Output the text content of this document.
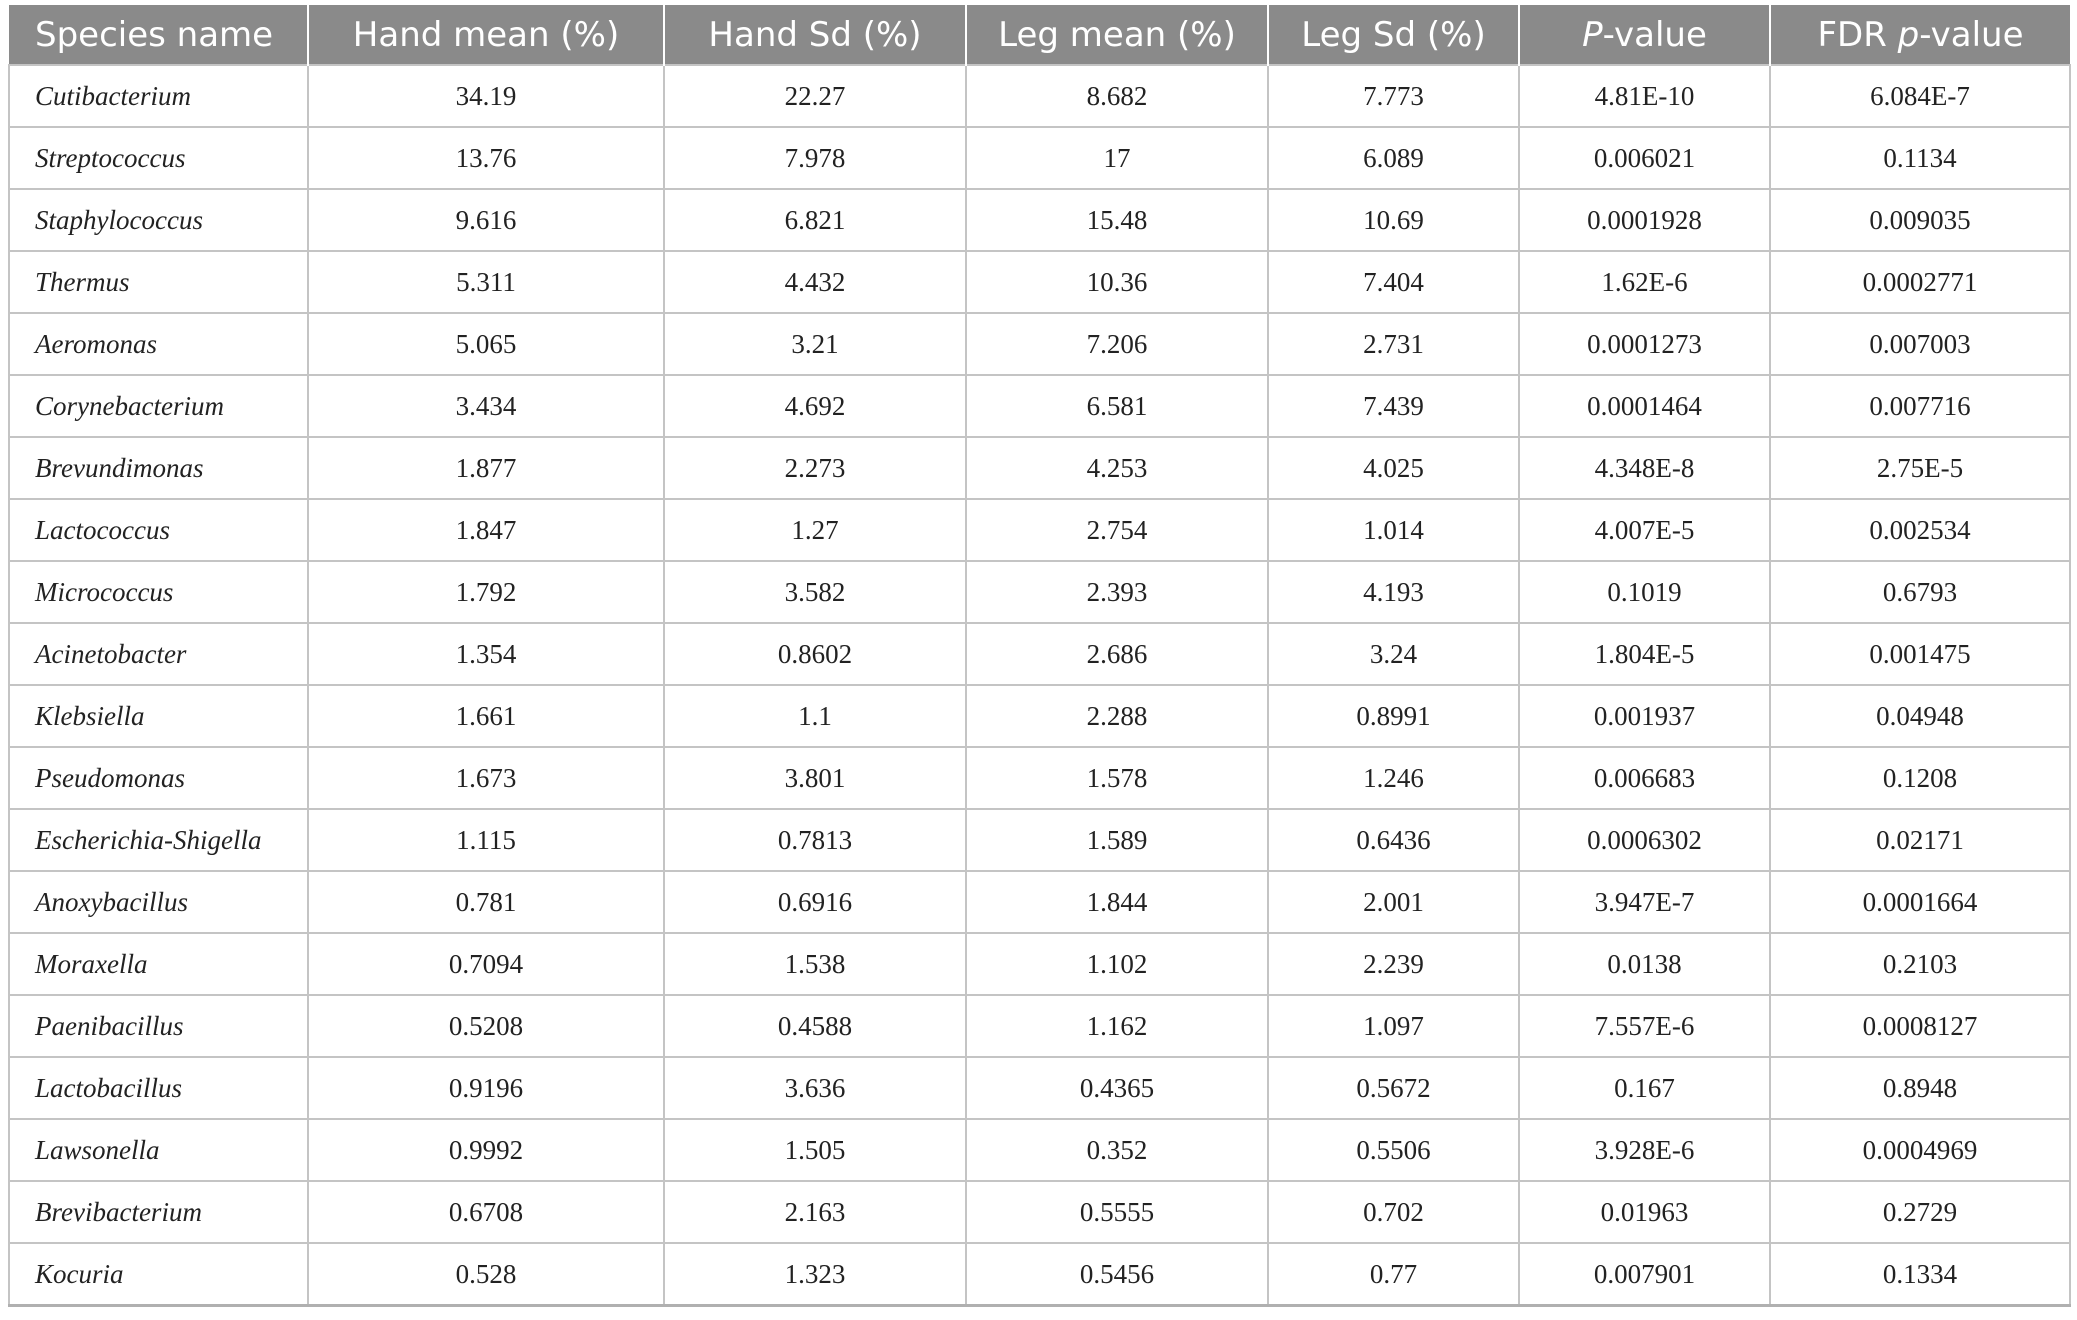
Species name	Hand mean (%)	Hand Sd (%)	Leg mean (%)	Leg Sd (%)	P-value	FDR p-value
Cutibacterium	34.19	22.27	8.682	7.773	4.81E-10	6.084E-7
Streptococcus	13.76	7.978	17	6.089	0.006021	0.1134
Staphylococcus	9.616	6.821	15.48	10.69	0.0001928	0.009035
Thermus	5.311	4.432	10.36	7.404	1.62E-6	0.0002771
Aeromonas	5.065	3.21	7.206	2.731	0.0001273	0.007003
Corynebacterium	3.434	4.692	6.581	7.439	0.0001464	0.007716
Brevundimonas	1.877	2.273	4.253	4.025	4.348E-8	2.75E-5
Lactococcus	1.847	1.27	2.754	1.014	4.007E-5	0.002534
Micrococcus	1.792	3.582	2.393	4.193	0.1019	0.6793
Acinetobacter	1.354	0.8602	2.686	3.24	1.804E-5	0.001475
Klebsiella	1.661	1.1	2.288	0.8991	0.001937	0.04948
Pseudomonas	1.673	3.801	1.578	1.246	0.006683	0.1208
Escherichia-Shigella	1.115	0.7813	1.589	0.6436	0.0006302	0.02171
Anoxybacillus	0.781	0.6916	1.844	2.001	3.947E-7	0.0001664
Moraxella	0.7094	1.538	1.102	2.239	0.0138	0.2103
Paenibacillus	0.5208	0.4588	1.162	1.097	7.557E-6	0.0008127
Lactobacillus	0.9196	3.636	0.4365	0.5672	0.167	0.8948
Lawsonella	0.9992	1.505	0.352	0.5506	3.928E-6	0.0004969
Brevibacterium	0.6708	2.163	0.5555	0.702	0.01963	0.2729
Kocuria	0.528	1.323	0.5456	0.77	0.007901	0.1334
